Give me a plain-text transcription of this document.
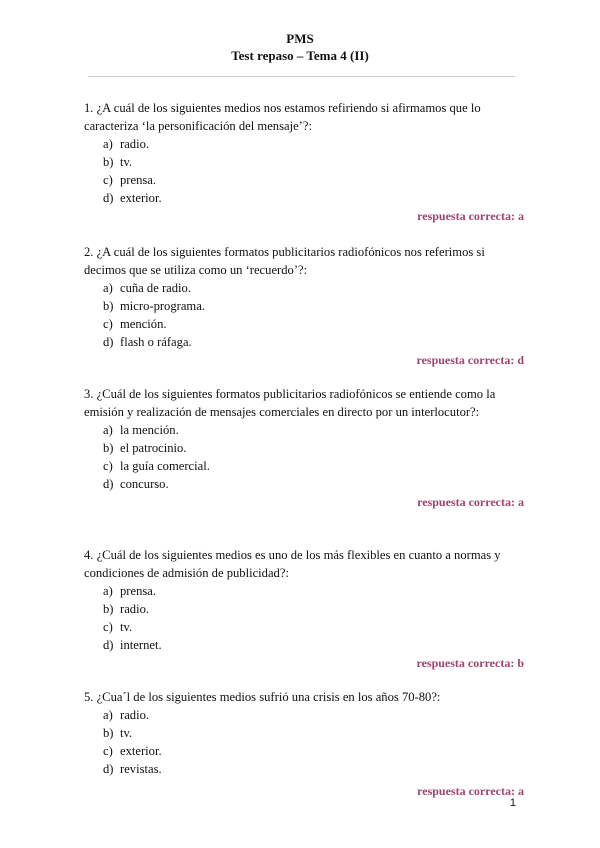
PMS
Test repaso – Tema 4 (II)

1. ¿A cuál de los siguientes medios nos estamos refiriendo si afirmamos que lo caracteriza ‘la personificación del mensaje’?:

a) radio.
b) tv.
c) prensa.
d) exterior.
respuesta correcta: a

2. ¿A cuál de los siguientes formatos publicitarios radiofónicos nos referimos si decimos que se utiliza como un ‘recuerdo’?:

a) cuña de radio.
b) micro-programa.
c) mención.
d) flash o ráfaga.
respuesta correcta: d

3. ¿Cuál de los siguientes formatos publicitarios radiofónicos se entiende como la emisión y realización de mensajes comerciales en directo por un interlocutor?:

a) la mención.
b) el patrocinio.
c) la guía comercial.
d) concurso.
respuesta correcta: a

4. ¿Cuál de los siguientes medios es uno de los más flexibles en cuanto a normas y condiciones de admisión de publicidad?:

a) prensa.
b) radio.
c) tv.
d) internet.
respuesta correcta: b

5. ¿Cua´l de los siguientes medios sufrió una crisis en los años 70-80?:

a) radio.
b) tv.
c) exterior.
d) revistas.
respuesta correcta: a
1
